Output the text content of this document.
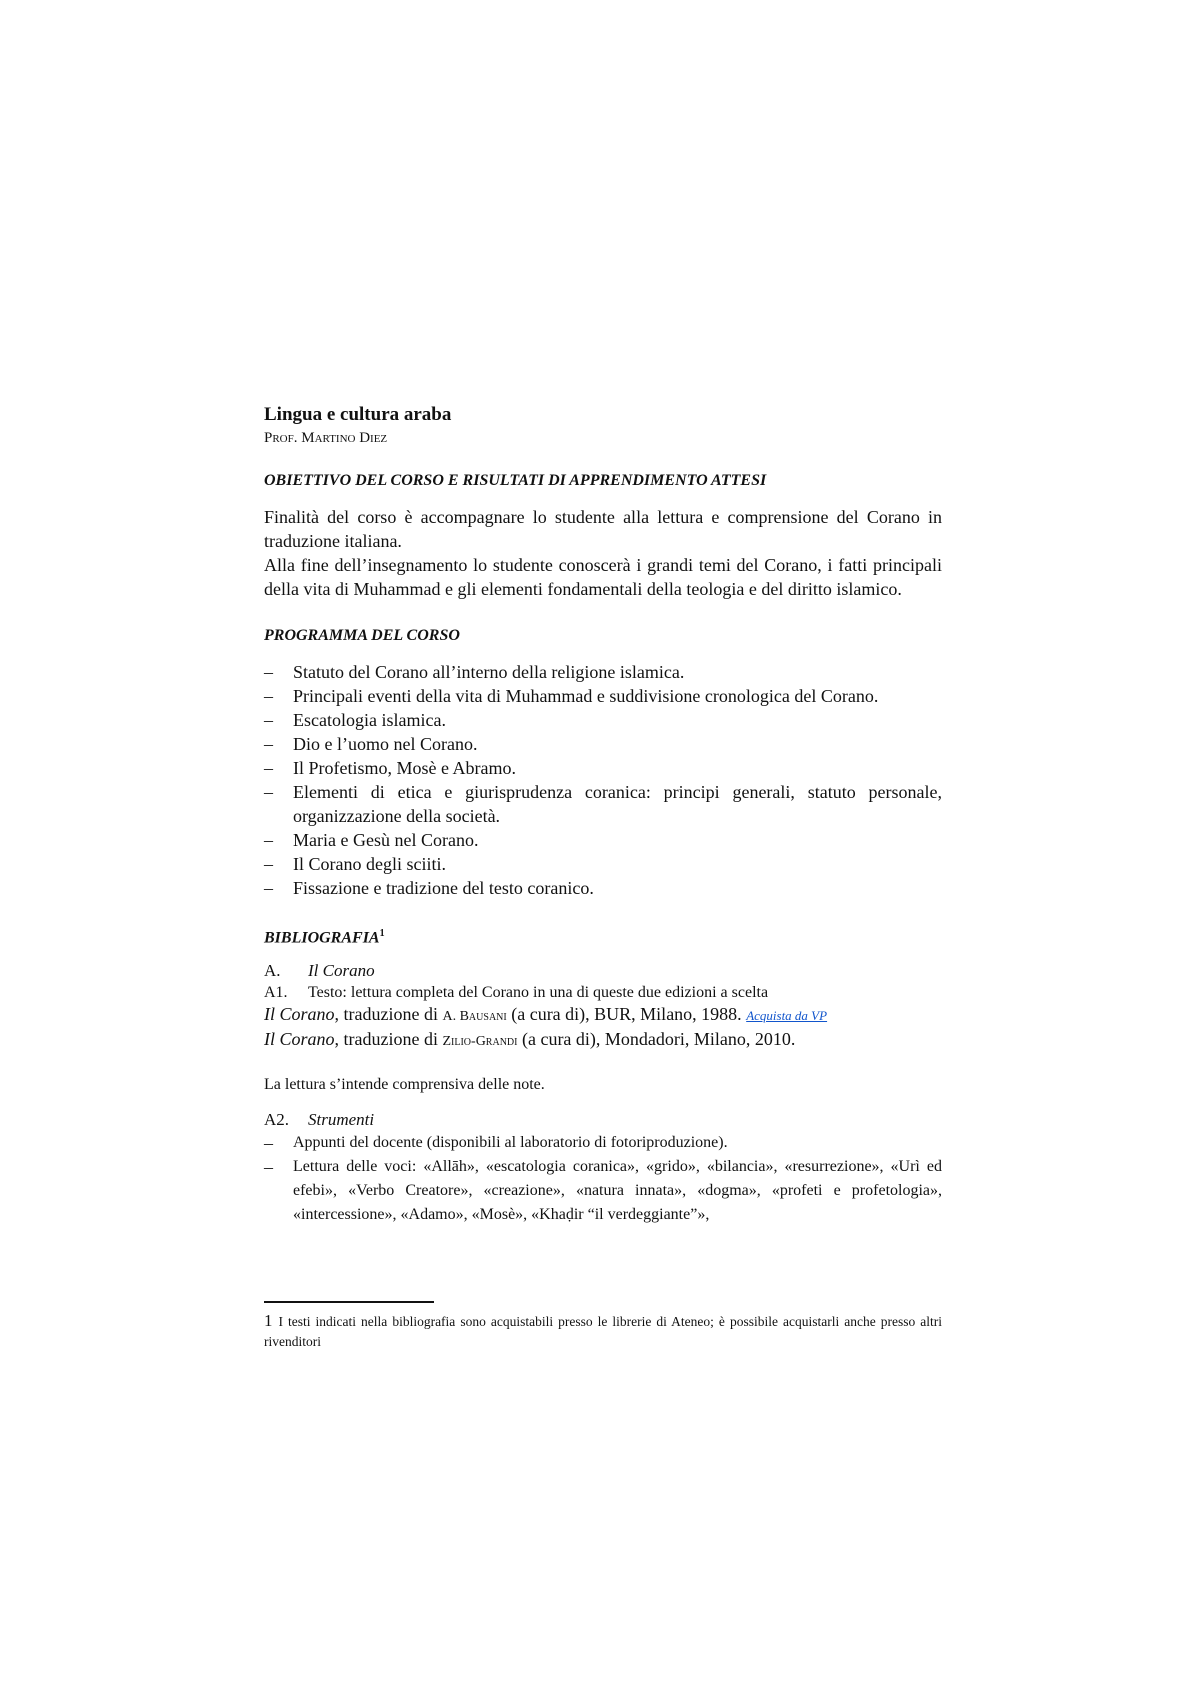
Lingua e cultura araba

Prof. Martino Diez

OBIETTIVO DEL CORSO E RISULTATI DI APPRENDIMENTO ATTESI

Finalità del corso è accompagnare lo studente alla lettura e comprensione del Corano in traduzione italiana.

Alla fine dell’insegnamento lo studente conoscerà i grandi temi del Corano, i fatti principali della vita di Muhammad e gli elementi fondamentali della teologia e del diritto islamico.

PROGRAMMA DEL CORSO

– Statuto del Corano all’interno della religione islamica.
– Principali eventi della vita di Muhammad e suddivisione cronologica del Corano.
– Escatologia islamica.
– Dio e l’uomo nel Corano.
– Il Profetismo, Mosè e Abramo.
– Elementi di etica e giurisprudenza coranica: principi generali, statuto personale, organizzazione della società.
– Maria e Gesù nel Corano.
– Il Corano degli sciiti.
– Fissazione e tradizione del testo coranico.

BIBLIOGRAFIA$^1$

A. Il Corano
A1. Testo: lettura completa del Corano in una di queste due edizioni a scelta
Il Corano, traduzione di A. Bausani (a cura di), BUR, Milano, 1988. Acquista da VP
Il Corano, traduzione di Zilio-Grandi (a cura di), Mondadori, Milano, 2010.
La lettura s’intende comprensiva delle note.
A2. Strumenti
– Appunti del docente (disponibili al laboratorio di fotoriproduzione).
– Lettura delle voci: «Allāh», «escatologia coranica», «grido», «bilancia», «resurrezione», «Urì ed efebi», «Verbo Creatore», «creazione», «natura innata», «dogma», «profeti e profetologia», «intercessione», «Adamo», «Mosè», «Khaḍir “il verdeggiante”»,
1 I testi indicati nella bibliografia sono acquistabili presso le librerie di Ateneo; è possibile acquistarli anche presso altri rivenditori
